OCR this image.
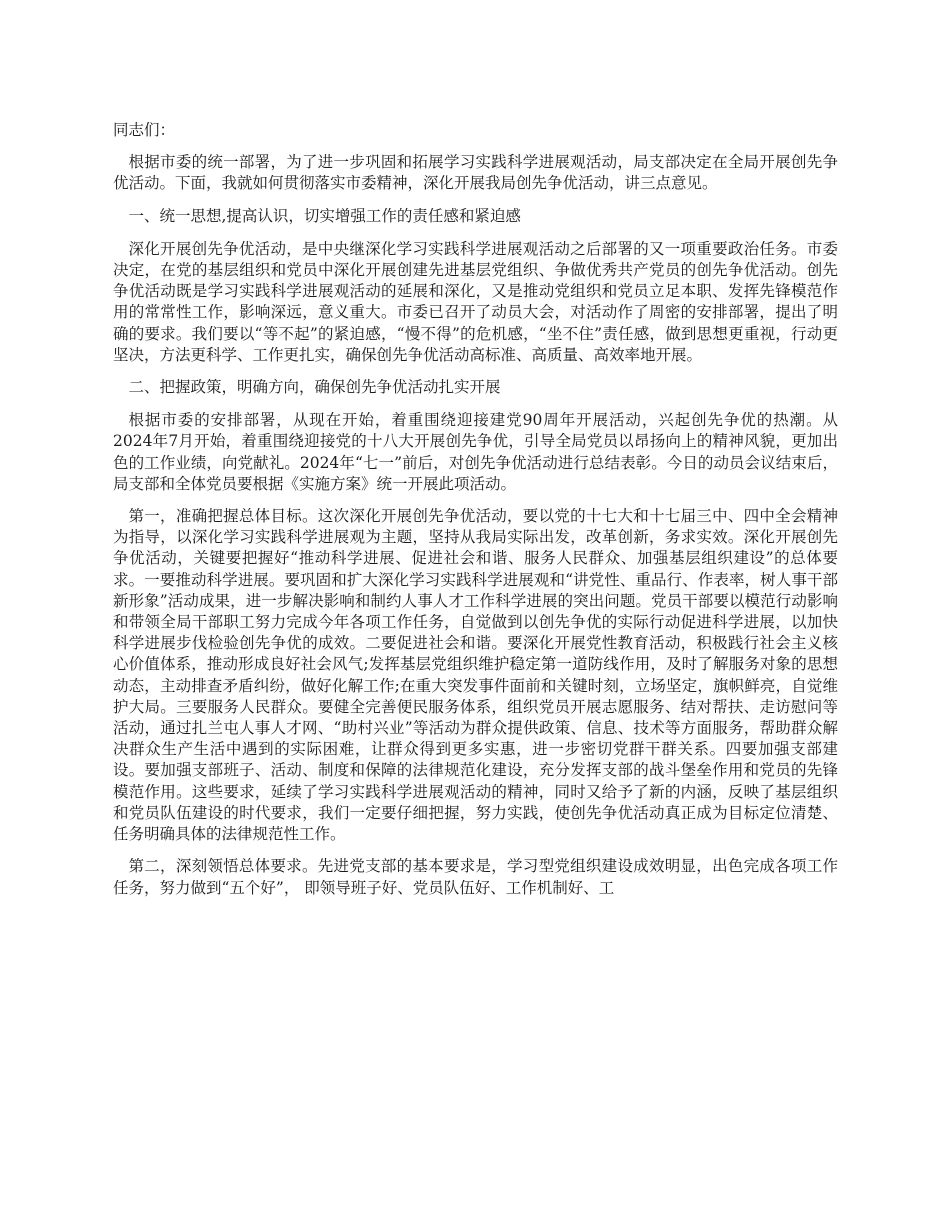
同志们：

根据市委的统一部署，为了进一步巩固和拓展学习实践科学进展观活动，局支部决定在全局开展创先争优活动。下面，我就如何贯彻落实市委精神，深化开展我局创先争优活动，讲三点意见。

一、统一思想,提高认识，切实增强工作的责任感和紧迫感

深化开展创先争优活动，是中央继深化学习实践科学进展观活动之后部署的又一项重要政治任务。市委决定，在党的基层组织和党员中深化开展创建先进基层党组织、争做优秀共产党员的创先争优活动。创先争优活动既是学习实践科学进展观活动的延展和深化，又是推动党组织和党员立足本职、发挥先锋模范作用的常常性工作，影响深远，意义重大。市委已召开了动员大会，对活动作了周密的安排部署，提出了明确的要求。我们要以“等不起”的紧迫感，“慢不得”的危机感，“坐不住”责任感，做到思想更重视，行动更坚决，方法更科学、工作更扎实，确保创先争优活动高标准、高质量、高效率地开展。

二、把握政策，明确方向，确保创先争优活动扎实开展

根据市委的安排部署，从现在开始，着重围绕迎接建党90周年开展活动，兴起创先争优的热潮。从2024年7月开始，着重围绕迎接党的十八大开展创先争优，引导全局党员以昂扬向上的精神风貌，更加出色的工作业绩，向党献礼。2024年“七一”前后，对创先争优活动进行总结表彰。今日的动员会议结束后，局支部和全体党员要根据《实施方案》统一开展此项活动。

第一，准确把握总体目标。这次深化开展创先争优活动，要以党的十七大和十七届三中、四中全会精神为指导，以深化学习实践科学进展观为主题，坚持从我局实际出发，改革创新，务求实效。深化开展创先争优活动，关键要把握好“推动科学进展、促进社会和谐、服务人民群众、加强基层组织建设”的总体要求。一要推动科学进展。要巩固和扩大深化学习实践科学进展观和“讲党性、重品行、作表率，树人事干部新形象”活动成果，进一步解决影响和制约人事人才工作科学进展的突出问题。党员干部要以模范行动影响和带领全局干部职工努力完成今年各项工作任务，自觉做到以创先争优的实际行动促进科学进展，以加快科学进展步伐检验创先争优的成效。二要促进社会和谐。要深化开展党性教育活动，积极践行社会主义核心价值体系，推动形成良好社会风气;发挥基层党组织维护稳定第一道防线作用，及时了解服务对象的思想动态，主动排查矛盾纠纷，做好化解工作;在重大突发事件面前和关键时刻，立场坚定，旗帜鲜亮，自觉维护大局。三要服务人民群众。要健全完善便民服务体系，组织党员开展志愿服务、结对帮扶、走访慰问等活动，通过扎兰屯人事人才网、“助村兴业”等活动为群众提供政策、信息、技术等方面服务，帮助群众解决群众生产生活中遇到的实际困难，让群众得到更多实惠，进一步密切党群干群关系。四要加强支部建设。要加强支部班子、活动、制度和保障的法律规范化建设，充分发挥支部的战斗堡垒作用和党员的先锋模范作用。这些要求，延续了学习实践科学进展观活动的精神，同时又给予了新的内涵，反映了基层组织和党员队伍建设的时代要求，我们一定要仔细把握，努力实践，使创先争优活动真正成为目标定位清楚、任务明确具体的法律规范性工作。

第二，深刻领悟总体要求。先进党支部的基本要求是，学习型党组织建设成效明显，出色完成各项工作任务，努力做到“五个好”， 即领导班子好、党员队伍好、工作机制好、工
